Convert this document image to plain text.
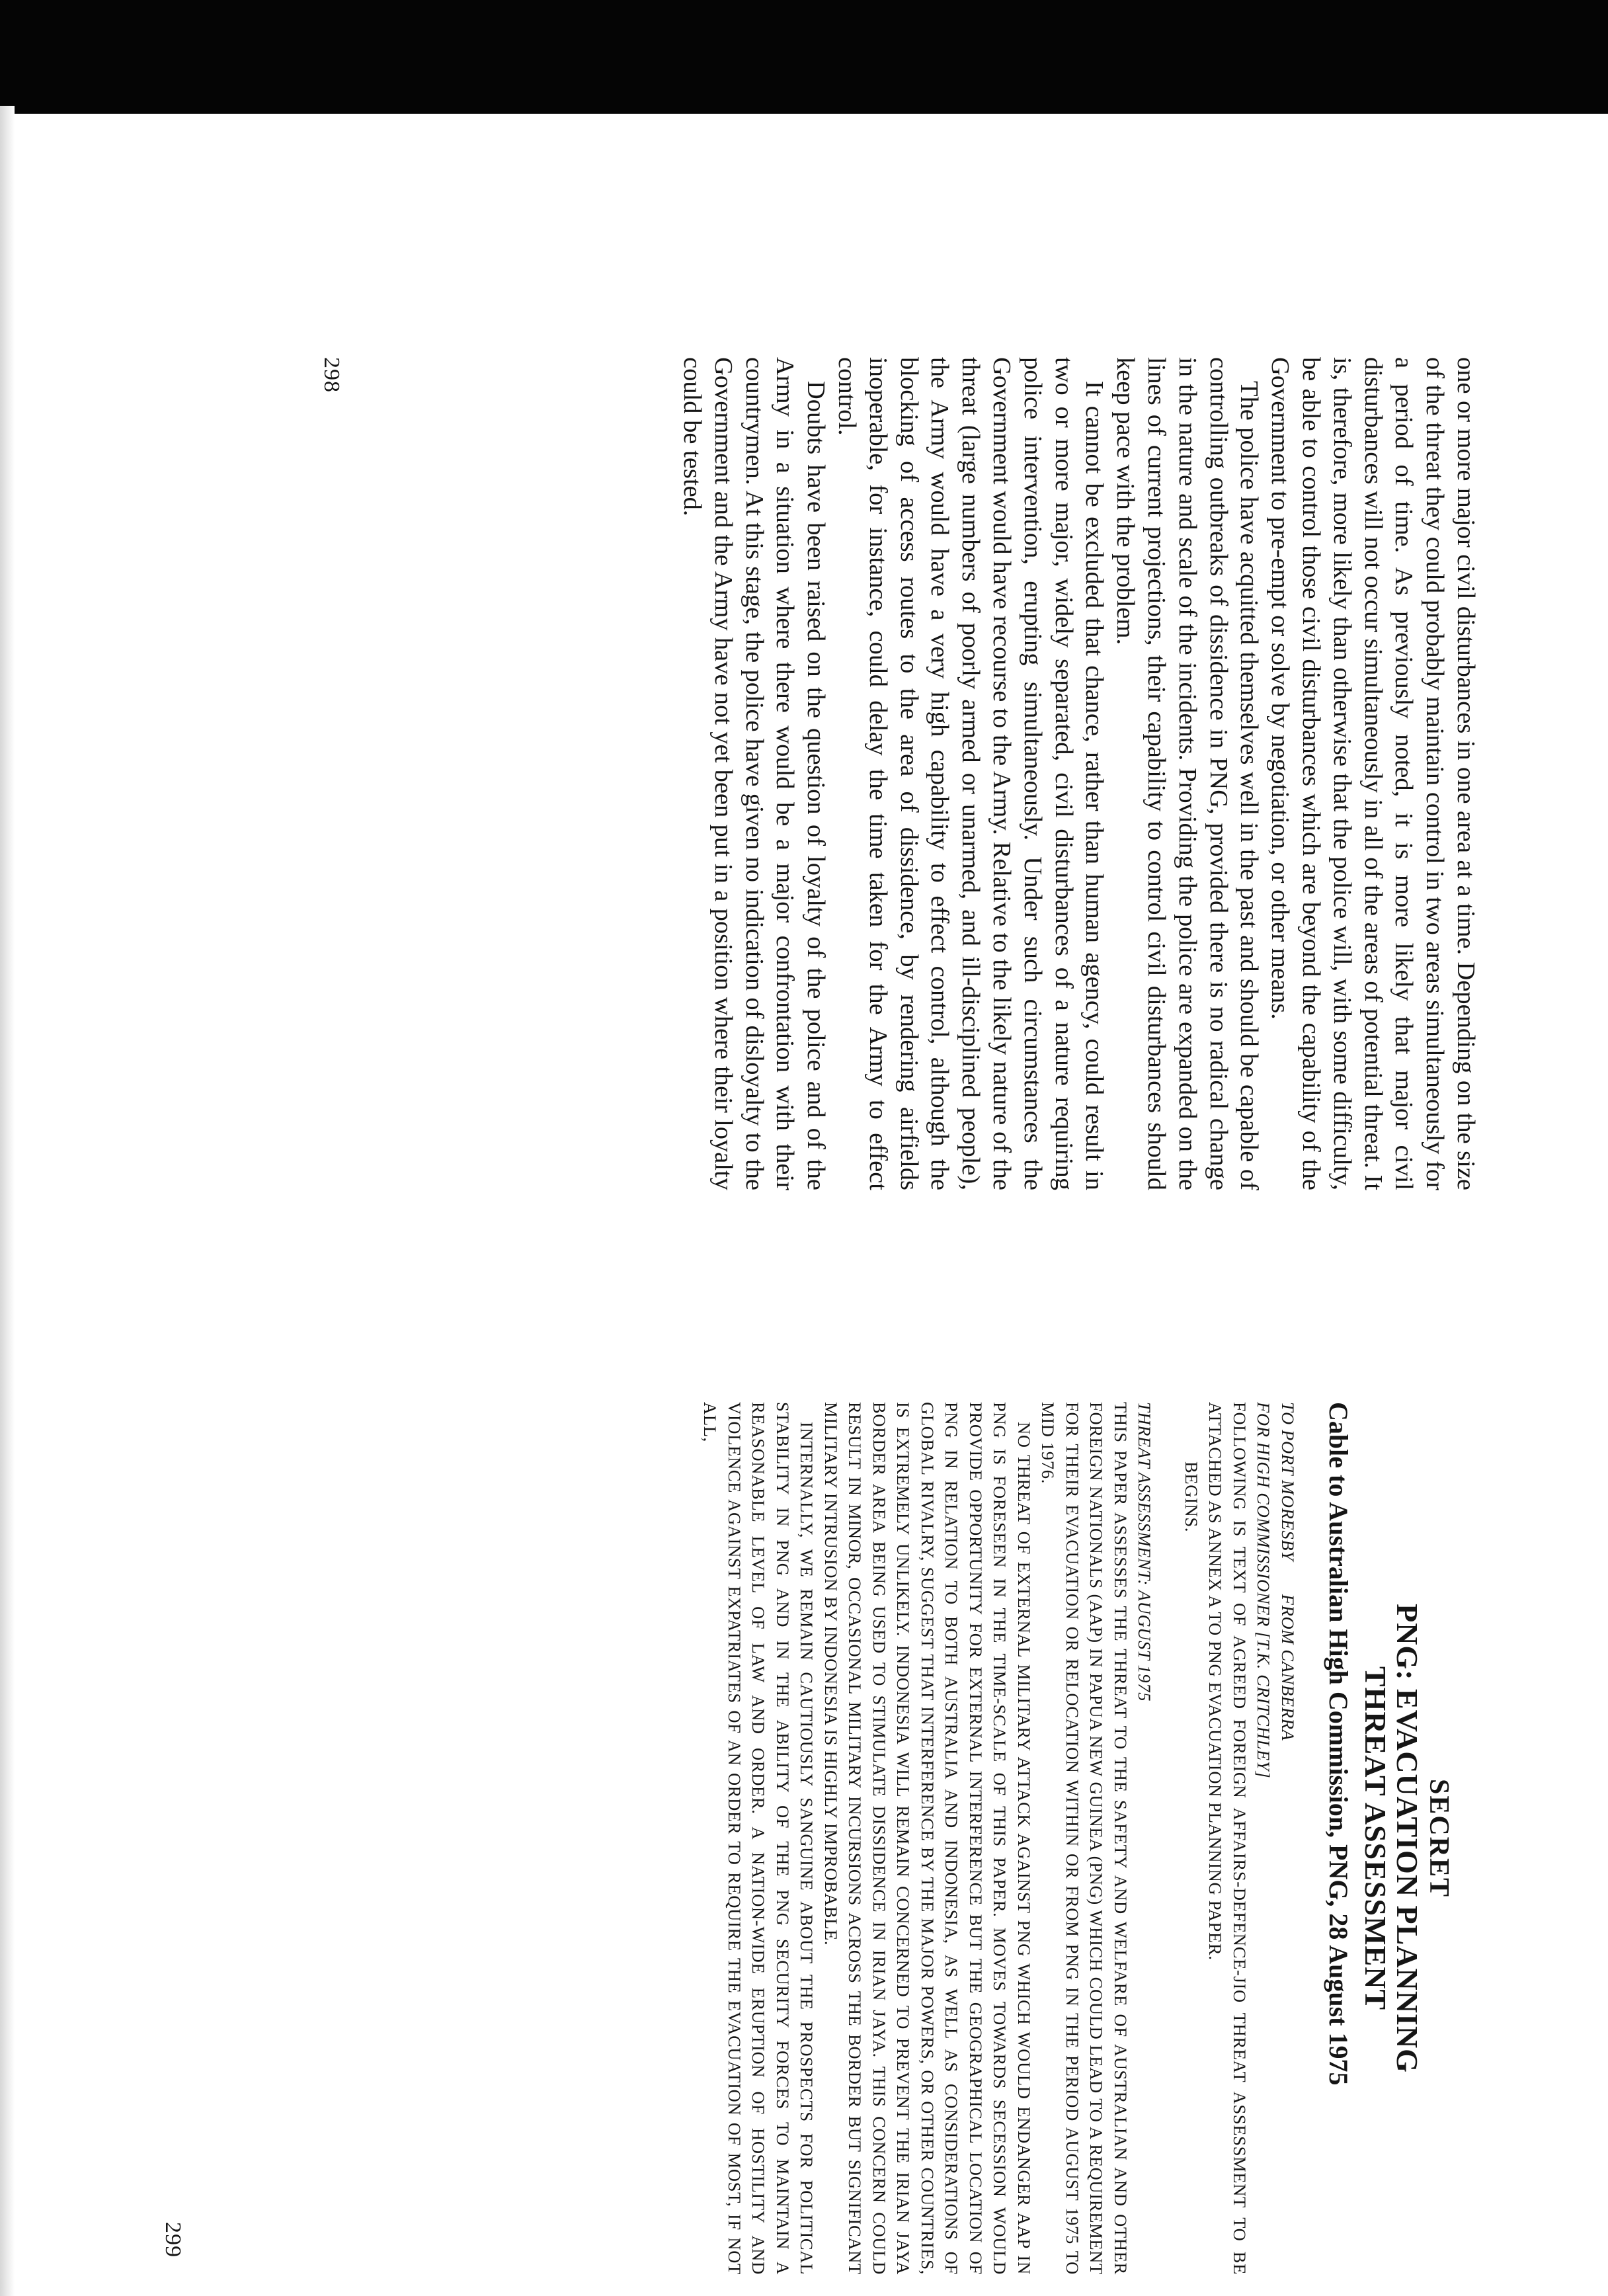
one or more major civil disturbances in one area at a time. Depending on the size of the threat they could probably maintain control in two areas simultaneously for a period of time. As previously noted, it is more likely that major civil disturbances will not occur simultaneously in all of the areas of potential threat. It is, therefore, more likely than otherwise that the police will, with some difficulty, be able to control those civil disturbances which are beyond the capability of the Government to pre-empt or solve by negotiation, or other means.

The police have acquitted themselves well in the past and should be capable of controlling outbreaks of dissidence in PNG, provided there is no radical change in the nature and scale of the incidents. Providing the police are expanded on the lines of current projections, their capability to control civil disturbances should keep pace with the problem.

It cannot be excluded that chance, rather than human agency, could result in two or more major, widely separated, civil disturbances of a nature requiring police intervention, erupting simultaneously. Under such circumstances the Government would have recourse to the Army. Relative to the likely nature of the threat (large numbers of poorly armed or unarmed, and ill-disciplined people), the Army would have a very high capability to effect control, although the blocking of access routes to the area of dissidence, by rendering airfields inoperable, for instance, could delay the time taken for the Army to effect control.

Doubts have been raised on the question of loyalty of the police and of the Army in a situation where there would be a major confrontation with their countrymen. At this stage, the police have given no indication of disloyalty to the Government and the Army have not yet been put in a position where their loyalty could be tested.

298
SECRET
PNG: EVACUATION PLANNING
THREAT ASSESSMENT
Cable to Australian High Commission, PNG, 28 August 1975
TO PORT MORESBYFROM CANBERRA
FOR HIGH COMMISSIONER [T.K. CRITCHLEY]

FOLLOWING IS TEXT OF AGREED FOREIGN AFFAIRS-DEFENCE-JIO THREAT ASSESSMENT TO BE ATTACHED AS ANNEX A TO PNG EVACUATION PLANNING PAPER.

BEGINS.

THREAT ASSESSMENT: AUGUST 1975

THIS PAPER ASSESSES THE THREAT TO THE SAFETY AND WELFARE OF AUSTRALIAN AND OTHER FOREIGN NATIONALS (AAP) IN PAPUA NEW GUINEA (PNG) WHICH COULD LEAD TO A REQUIREMENT FOR THEIR EVACUATION OR RELOCATION WITHIN OR FROM PNG IN THE PERIOD AUGUST 1975 TO MID 1976.

NO THREAT OF EXTERNAL MILITARY ATTACK AGAINST PNG WHICH WOULD ENDANGER AAP IN PNG IS FORESEEN IN THE TIME-SCALE OF THIS PAPER. MOVES TOWARDS SECESSION WOULD PROVIDE OPPORTUNITY FOR EXTERNAL INTERFERENCE BUT THE GEOGRAPHICAL LOCATION OF PNG IN RELATION TO BOTH AUSTRALIA AND INDONESIA, AS WELL AS CONSIDERATIONS OF GLOBAL RIVALRY, SUGGEST THAT INTERFERENCE BY THE MAJOR POWERS, OR OTHER COUNTRIES, IS EXTREMELY UNLIKELY. INDONESIA WILL REMAIN CONCERNED TO PREVENT THE IRIAN JAYA BORDER AREA BEING USED TO STIMULATE DISSIDENCE IN IRIAN JAYA. THIS CONCERN COULD RESULT IN MINOR, OCCASIONAL MILITARY INCURSIONS ACROSS THE BORDER BUT SIGNIFICANT MILITARY INTRUSION BY INDONESIA IS HIGHLY IMPROBABLE.

INTERNALLY, WE REMAIN CAUTIOUSLY SANGUINE ABOUT THE PROSPECTS FOR POLITICAL STABILITY IN PNG AND IN THE ABILITY OF THE PNG SECURITY FORCES TO MAINTAIN A REASONABLE LEVEL OF LAW AND ORDER. A NATION-WIDE ERUPTION OF HOSTILITY AND VIOLENCE AGAINST EXPATRIATES OF AN ORDER TO REQUIRE THE EVACUATION OF MOST, IF NOT ALL,

299
